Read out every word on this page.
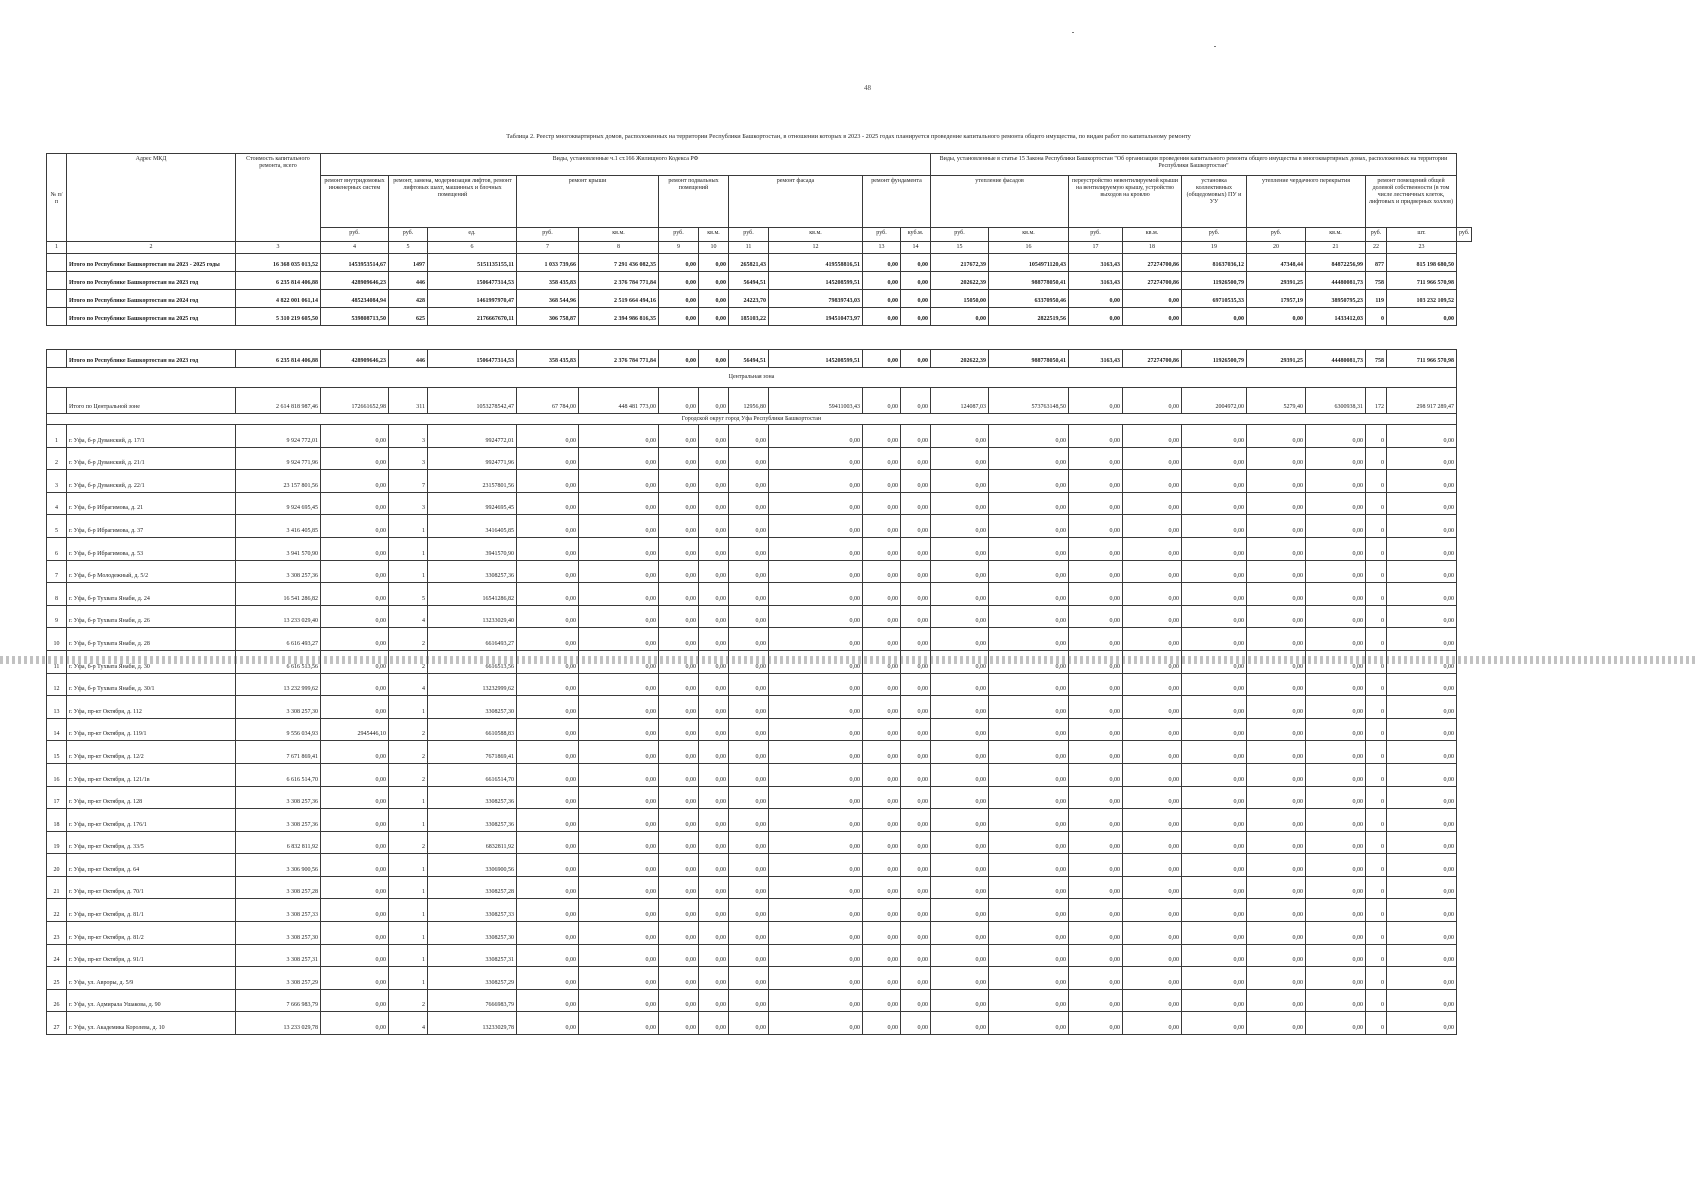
48
Таблица 2. Реестр многоквартирных домов, расположенных на территории Республики Башкортостан, в отношении которых в 2023 - 2025 годах планируется проведение капитального ремонта общего имущества, по видам работ по капитальному ремонту
№ п/п	Адрес МКД	Стоимость капитального ремонта, всего	Виды, установленные ч.1 ст.166 Жилищного Кодекса РФ											Виды, установленные в статье 15 Закона Республики Башкортостан "Об организации проведения капитального ремонта общего имущества в многоквартирных домах, расположенных на территории Республики Башкортостан"									
			ремонт внутридомовых инженерных систем	ремонт, замена, модернизация лифтов, ремонт лифтовых шахт, машинных и блочных помещений		ремонт крыши		ремонт подвальных помещений		ремонт фасада		ремонт фундамента		утепление фасадов		переустройство невентилируемой крыши на вентилируемую крышу, устройство выходов на кровлю		установка коллективных (общедомовых) ПУ и УУ	утепление чердачного перекрытия		ремонт помещений общей долевой собственности (в том числе лестничных клеток, лифтовых и придверных холлов)		
			руб.	руб.	ед.	руб.	кв.м.	руб.	кв.м.	руб.	кв.м.	руб.	куб.м.	руб.	кв.м.	руб.	кв.м.	руб.	руб.	кв.м.	руб.	шт.	руб.
1	2	3	4	5	6	7	8	9	10	11	12	13	14	15	16	17	18	19	20	21	22	23	
	Итого по Республике Башкортостан на 2023 - 2025 годы	16 368 035 013,52	1453953514,67	1497	5151135155,11	1 033 739,66	7 291 436 082,35	0,00	0,00	265821,43	419558816,51	0,00	0,00	217672,39	1054971120,43	3163,43	27274700,86	81637036,12	47348,44	84872256,99	877	815 198 680,50	
	Итого по Республике Башкортостан на 2023 год	6 235 814 406,88	428909646,23	446	1506477314,53	358 435,83	2 376 784 771,84	0,00	0,00	56494,51	145208599,51	0,00	0,00	202622,39	988778050,41	3163,43	27274700,86	11926500,79	29391,25	44480081,73	758	711 966 570,98	
	Итого по Республике Башкортостан на 2024 год	4 822 001 061,14	485234084,94	428	1461997970,47	368 544,96	2 519 664 494,16	0,00	0,00	24223,70	79839743,03	0,00	0,00	15050,00	63370950,46	0,00	0,00	69710535,33	17957,19	38950795,23	119	103 232 109,52	
	Итого по Республике Башкортостан на 2025 год	5 310 219 605,50	539808713,50	625	2176667670,11	306 758,87	2 394 986 816,35	0,00	0,00	185103,22	194510473,97	0,00	0,00	0,00	2822519,56	0,00	0,00	0,00	0,00	1433412,03	0	0,00	

	Итого по Республике Башкортостан на 2023 год	6 235 814 406,88	428909646,23	446	1506477314,53	358 435,83	2 376 784 771,84	0,00	0,00	56494,51	145208599,51	0,00	0,00	202622,39	988778050,41	3163,43	27274700,86	11926500,79	29391,25	44480081,73	758	711 966 570,98	
Центральная зона																							
	Итого по Центральной зоне	2 614 818 987,46	172661652,98	311	1053278542,47	67 784,00	448 481 773,00	0,00	0,00	12956,80	59411003,43	0,00	0,00	124087,03	573763148,50	0,00	0,00	2004972,00	5279,40	6300938,31	172	298 917 289,47	
Городской округ город Уфа Республики Башкортостан																							
1	г. Уфа, б-р Дуванский, д. 17/1	9 924 772,01	0,00	3	9924772,01	0,00	0,00	0,00	0,00	0,00	0,00	0,00	0,00	0,00	0,00	0,00	0,00	0,00	0,00	0,00	0	0,00	
2	г. Уфа, б-р Дуванский, д. 21/1	9 924 771,96	0,00	3	9924771,96	0,00	0,00	0,00	0,00	0,00	0,00	0,00	0,00	0,00	0,00	0,00	0,00	0,00	0,00	0,00	0	0,00	
3	г. Уфа, б-р Дуванский, д. 22/1	23 157 801,56	0,00	7	23157801,56	0,00	0,00	0,00	0,00	0,00	0,00	0,00	0,00	0,00	0,00	0,00	0,00	0,00	0,00	0,00	0	0,00	
4	г. Уфа, б-р Ибрагимова, д. 21	9 924 695,45	0,00	3	9924695,45	0,00	0,00	0,00	0,00	0,00	0,00	0,00	0,00	0,00	0,00	0,00	0,00	0,00	0,00	0,00	0	0,00	
5	г. Уфа, б-р Ибрагимова, д. 37	3 416 405,85	0,00	1	3416405,85	0,00	0,00	0,00	0,00	0,00	0,00	0,00	0,00	0,00	0,00	0,00	0,00	0,00	0,00	0,00	0	0,00	
6	г. Уфа, б-р Ибрагимова, д. 53	3 941 570,90	0,00	1	3941570,90	0,00	0,00	0,00	0,00	0,00	0,00	0,00	0,00	0,00	0,00	0,00	0,00	0,00	0,00	0,00	0	0,00	
7	г. Уфа, б-р Молодежный, д. 5/2	3 308 257,36	0,00	1	3308257,36	0,00	0,00	0,00	0,00	0,00	0,00	0,00	0,00	0,00	0,00	0,00	0,00	0,00	0,00	0,00	0	0,00	
8	г. Уфа, б-р Тухвата Янаби, д. 24	16 541 286,82	0,00	5	16541286,82	0,00	0,00	0,00	0,00	0,00	0,00	0,00	0,00	0,00	0,00	0,00	0,00	0,00	0,00	0,00	0	0,00	
9	г. Уфа, б-р Тухвата Янаби, д. 26	13 233 029,40	0,00	4	13233029,40	0,00	0,00	0,00	0,00	0,00	0,00	0,00	0,00	0,00	0,00	0,00	0,00	0,00	0,00	0,00	0	0,00	
10	г. Уфа, б-р Тухвата Янаби, д. 28	6 616 493,27	0,00	2	6616493,27	0,00	0,00	0,00	0,00	0,00	0,00	0,00	0,00	0,00	0,00	0,00	0,00	0,00	0,00	0,00	0	0,00	
11	г. Уфа, б-р Тухвата Янаби, д. 30	6 616 513,56	0,00	2	6616513,56	0,00	0,00	0,00	0,00	0,00	0,00	0,00	0,00	0,00	0,00	0,00	0,00	0,00	0,00	0,00	0	0,00	
12	г. Уфа, б-р Тухвата Янаби, д. 30/1	13 232 999,62	0,00	4	13232999,62	0,00	0,00	0,00	0,00	0,00	0,00	0,00	0,00	0,00	0,00	0,00	0,00	0,00	0,00	0,00	0	0,00	
13	г. Уфа, пр-кт Октября, д. 112	3 308 257,30	0,00	1	3308257,30	0,00	0,00	0,00	0,00	0,00	0,00	0,00	0,00	0,00	0,00	0,00	0,00	0,00	0,00	0,00	0	0,00	
14	г. Уфа, пр-кт Октября, д. 119/1	9 556 034,93	2945446,10	2	6610588,83	0,00	0,00	0,00	0,00	0,00	0,00	0,00	0,00	0,00	0,00	0,00	0,00	0,00	0,00	0,00	0	0,00	
15	г. Уфа, пр-кт Октября, д. 12/2	7 671 869,41	0,00	2	7671869,41	0,00	0,00	0,00	0,00	0,00	0,00	0,00	0,00	0,00	0,00	0,00	0,00	0,00	0,00	0,00	0	0,00	
16	г. Уфа, пр-кт Октября, д. 121/1в	6 616 514,70	0,00	2	6616514,70	0,00	0,00	0,00	0,00	0,00	0,00	0,00	0,00	0,00	0,00	0,00	0,00	0,00	0,00	0,00	0	0,00	
17	г. Уфа, пр-кт Октября, д. 128	3 308 257,36	0,00	1	3308257,36	0,00	0,00	0,00	0,00	0,00	0,00	0,00	0,00	0,00	0,00	0,00	0,00	0,00	0,00	0,00	0	0,00	
18	г. Уфа, пр-кт Октября, д. 176/1	3 308 257,36	0,00	1	3308257,36	0,00	0,00	0,00	0,00	0,00	0,00	0,00	0,00	0,00	0,00	0,00	0,00	0,00	0,00	0,00	0	0,00	
19	г. Уфа, пр-кт Октября, д. 33/5	6 832 811,92	0,00	2	6832811,92	0,00	0,00	0,00	0,00	0,00	0,00	0,00	0,00	0,00	0,00	0,00	0,00	0,00	0,00	0,00	0	0,00	
20	г. Уфа, пр-кт Октября, д. 64	3 306 900,56	0,00	1	3306900,56	0,00	0,00	0,00	0,00	0,00	0,00	0,00	0,00	0,00	0,00	0,00	0,00	0,00	0,00	0,00	0	0,00	
21	г. Уфа, пр-кт Октября, д. 70/1	3 308 257,28	0,00	1	3308257,28	0,00	0,00	0,00	0,00	0,00	0,00	0,00	0,00	0,00	0,00	0,00	0,00	0,00	0,00	0,00	0	0,00	
22	г. Уфа, пр-кт Октября, д. 81/1	3 308 257,33	0,00	1	3308257,33	0,00	0,00	0,00	0,00	0,00	0,00	0,00	0,00	0,00	0,00	0,00	0,00	0,00	0,00	0,00	0	0,00	
23	г. Уфа, пр-кт Октября, д. 81/2	3 308 257,30	0,00	1	3308257,30	0,00	0,00	0,00	0,00	0,00	0,00	0,00	0,00	0,00	0,00	0,00	0,00	0,00	0,00	0,00	0	0,00	
24	г. Уфа, пр-кт Октября, д. 91/1	3 308 257,31	0,00	1	3308257,31	0,00	0,00	0,00	0,00	0,00	0,00	0,00	0,00	0,00	0,00	0,00	0,00	0,00	0,00	0,00	0	0,00	
25	г. Уфа, ул. Авроры, д. 5/9	3 308 257,29	0,00	1	3308257,29	0,00	0,00	0,00	0,00	0,00	0,00	0,00	0,00	0,00	0,00	0,00	0,00	0,00	0,00	0,00	0	0,00	
26	г. Уфа, ул. Адмирала Ушакова, д. 90	7 666 983,79	0,00	2	7666983,79	0,00	0,00	0,00	0,00	0,00	0,00	0,00	0,00	0,00	0,00	0,00	0,00	0,00	0,00	0,00	0	0,00	
27	г. Уфа, ул. Академика Королева, д. 10	13 233 029,78	0,00	4	13233029,78	0,00	0,00	0,00	0,00	0,00	0,00	0,00	0,00	0,00	0,00	0,00	0,00	0,00	0,00	0,00	0	0,00	
